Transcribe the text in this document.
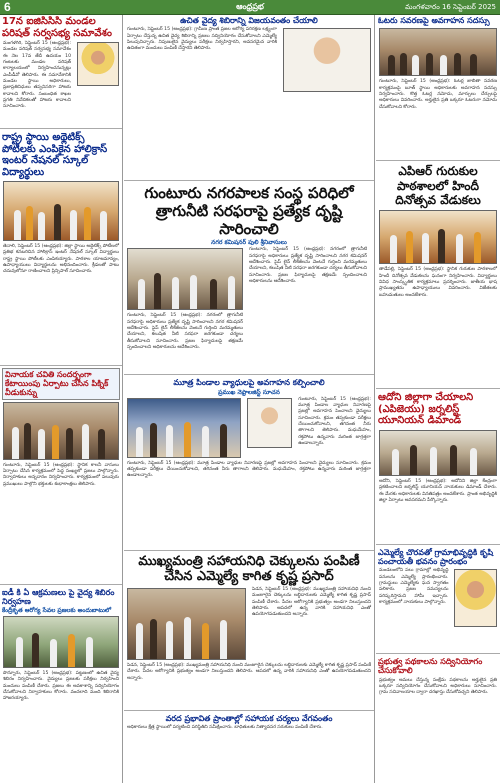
6	ఆంధ్రప్రభ	మంగళవారం 16 సెప్టెంబర్ 2025
17న ఐజిసిసిసి మండల పరిషత్ సర్వసభ్య సమావేశం
మంగళగిరి, సెప్టెంబర్ 15 (ఆంధ్రప్రభ): మండల పరిషత్ సర్వసభ్య సమావేశం ఈ నెల 17వ తేదీ ఉదయం 10 గంటలకు మండల పరిషత్ కార్యాలయంలో నిర్వహించనున్నట్లు ఎంపీడీవో తెలిపారు. ఈ సమావేశానికి మండల స్థాయి అధికారులు, ప్రజాప్రతినిధులు తప్పనిసరిగా హాజరు కావాలని కోరారు. సంబంధిత శాఖల ప్రగతి నివేదికలతో హాజరు కావాలని సూచించారు.
రాష్ట్ర స్థాయి అథ్లెటిక్స్ పోటీలకు ఎంపికైన హాలిక్రాస్ ఇంటర్ నేషనల్ స్కూల్ విద్యార్థులు
తెనాలి, సెప్టెంబర్ 15 (ఆంధ్రప్రభ): జిల్లా స్థాయి అథ్లెటిక్స్ పోటీలలో ప్రతిభ కనబరిచిన హాలిక్రాస్ ఇంటర్ నేషనల్ స్కూల్ విద్యార్థులు రాష్ట్ర స్థాయి పోటీలకు ఎంపికయ్యారు. పాఠశాల యాజమాన్యం, ఉపాధ్యాయులు విద్యార్థులను అభినందించారు. క్రీడలతో పాటు చదువులోనూ రాణించాలని ప్రిన్సిపాల్ సూచించారు.
వినాయక చవితి సందర్భంగా కేటాయింపు ఏర్పాటు చేసిన పిక్నిక్ వీడుకున్ను
గుంటూరు, సెప్టెంబర్ 15 (ఆంధ్రప్రభ): స్థానిక కాలనీ వాసులు ఏర్పాటు చేసిన కార్యక్రమంలో పెద్ద సంఖ్యలో ప్రజలు పాల్గొన్నారు. నిర్వాహకులు అన్నదానం నిర్వహించారు. కార్యక్రమంలో పలువురు ప్రముఖులు పాల్గొని భక్తులకు శుభాకాంక్షలు తెలిపారు.
ఐడీ కి ఏ ఆక్రమణలు పై వైద్య శిబిరం నిర్వహణ
కేంద్రీకృత ఆరోగ్య సేవల ప్రజలకు అందుబాటులో
పొన్నూరు, సెప్టెంబర్ 15 (ఆంధ్రప్రభ): పట్టణంలో ఉచిత వైద్య శిబిరం నిర్వహించారు. వైద్యులు ప్రజలకు పరీక్షలు నిర్వహించి మందులు పంపిణీ చేశారు. ప్రజలు ఈ అవకాశాన్ని సద్వినియోగం చేసుకోవాలని నిర్వాహకులు కోరారు. వందలాది మంది శిబిరానికి హాజరయ్యారు.
ఉచిత వైద్య శిబిరాన్ని విజయవంతం చేయాలి
గుంటూరు, సెప్టెంబర్ 15 (ఆంధ్రప్రభ): గ్రామీణ ప్రాంత ప్రజల ఆరోగ్య పరిరక్షణ లక్ష్యంగా ఏర్పాటు చేస్తున్న ఉచిత వైద్య శిబిరాన్ని ప్రజలు సద్వినియోగం చేసుకోవాలని ఎమ్మెల్యే పిలుపునిచ్చారు. నిపుణులైన వైద్యులు పరీక్షలు నిర్వహిస్తారని, అవసరమైన వారికి ఉచితంగా మందులు పంపిణీ చేస్తారని తెలిపారు.
గుంటూరు నగరపాలక సంస్థ పరిధిలో త్రాగునీటి సరఫరాపై ప్రత్యేక దృష్టి సారించాలి
నగర కమిషనర్ పులి శ్రీనివాసులు
గుంటూరు, సెప్టెంబర్ 15 (ఆంధ్రప్రభ): నగరంలో త్రాగునీటి సరఫరాపై అధికారులు ప్రత్యేక దృష్టి సారించాలని నగర కమిషనర్ ఆదేశించారు. పైప్ లైన్ లీకేజీలను వెంటనే గుర్తించి మరమ్మతులు చేయాలని, కలుషిత నీటి సరఫరా జరగకుండా చర్యలు తీసుకోవాలని సూచించారు. ప్రజల ఫిర్యాదులపై తక్షణమే స్పందించాలని అధికారులను ఆదేశించారు.
గుంటూరు, సెప్టెంబర్ 15 (ఆంధ్రప్రభ): నగరంలో త్రాగునీటి సరఫరాపై అధికారులు ప్రత్యేక దృష్టి సారించాలని నగర కమిషనర్ ఆదేశించారు. పైప్ లైన్ లీకేజీలను వెంటనే గుర్తించి మరమ్మతులు చేయాలని, కలుషిత నీటి సరఫరా జరగకుండా చర్యలు తీసుకోవాలని సూచించారు. ప్రజల ఫిర్యాదులపై తక్షణమే స్పందించాలని అధికారులను ఆదేశించారు.
మూత్ర పిండాల వ్యాధులపై అవగాహన కల్పించాలి
ప్రముఖ నెఫ్రాలజిస్ట్ సూచన
గుంటూరు, సెప్టెంబర్ 15 (ఆంధ్రప్రభ): మూత్ర పిండాల వ్యాధుల నివారణపై ప్రజల్లో అవగాహన పెంచాలని వైద్యులు సూచించారు. క్రమం తప్పకుండా పరీక్షలు చేయించుకోవాలని, తగినంత నీరు తాగాలని తెలిపారు. మధుమేహం, రక్తపోటు ఉన్నవారు మరింత జాగ్రత్తగా ఉండాలన్నారు.
గుంటూరు, సెప్టెంబర్ 15 (ఆంధ్రప్రభ): మూత్ర పిండాల వ్యాధుల నివారణపై ప్రజల్లో అవగాహన పెంచాలని వైద్యులు సూచించారు. క్రమం తప్పకుండా పరీక్షలు చేయించుకోవాలని, తగినంత నీరు తాగాలని తెలిపారు. మధుమేహం, రక్తపోటు ఉన్నవారు మరింత జాగ్రత్తగా ఉండాలన్నారు.
ముఖ్యమంత్రి సహాయనిధి చెక్కులను పంపిణీ చేసిన ఎమ్మెల్యే కాగిత కృష్ణ ప్రసాద్
పెడన, సెప్టెంబర్ 15 (ఆంధ్రప్రభ): ముఖ్యమంత్రి సహాయనిధి నుంచి మంజూరైన చెక్కులను లబ్ధిదారులకు ఎమ్మెల్యే కాగిత కృష్ణ ప్రసాద్ పంపిణీ చేశారు. పేదల ఆరోగ్యానికి ప్రభుత్వం అండగా నిలుస్తుందని తెలిపారు. ఆపదలో ఉన్న వారికి సహాయనిధి ఎంతో ఉపయోగపడుతుందని అన్నారు.
పెడన, సెప్టెంబర్ 15 (ఆంధ్రప్రభ): ముఖ్యమంత్రి సహాయనిధి నుంచి మంజూరైన చెక్కులను లబ్ధిదారులకు ఎమ్మెల్యే కాగిత కృష్ణ ప్రసాద్ పంపిణీ చేశారు. పేదల ఆరోగ్యానికి ప్రభుత్వం అండగా నిలుస్తుందని తెలిపారు. ఆపదలో ఉన్న వారికి సహాయనిధి ఎంతో ఉపయోగపడుతుందని అన్నారు.
వరద ప్రభావిత ప్రాంతాల్లో సహాయక చర్యలు వేగవంతం
అధికారులు క్షేత్ర స్థాయిలో పర్యటించి పరిస్థితిని సమీక్షించారు. బాధితులకు నిత్యావసర సరుకులు పంపిణీ చేశారు.
ఓటరు సవరణపై అవగాహన సదస్సు
గుంటూరు, సెప్టెంబర్ 15 (ఆంధ్రప్రభ): ఓటర్ల జాబితా సవరణ కార్యక్రమంపై బూత్ స్థాయి అధికారులకు అవగాహన సదస్సు నిర్వహించారు. కొత్త ఓటర్ల నమోదు, మార్పులు చేర్పులపై అధికారులు వివరించారు. అర్హులైన ప్రతి ఒక్కరూ ఓటరుగా నమోదు చేసుకోవాలని కోరారు.
ఎపిఆర్ గురుకుల పాఠశాలలో హిందీ దినోత్సవ వేడుకలు
తాడేపల్లి, సెప్టెంబర్ 15 (ఆంధ్రప్రభ): స్థానిక గురుకుల పాఠశాలలో హిందీ దినోత్సవ వేడుకలను ఘనంగా నిర్వహించారు. విద్యార్థులు వివిధ సాంస్కృతిక కార్యక్రమాలు ప్రదర్శించారు. జాతీయ భాష ప్రాముఖ్యతను ఉపాధ్యాయులు వివరించారు. విజేతలకు బహుమతులు అందజేశారు.
ఆదోని జిల్లాగా చేయాలని (ఎపిజెయు) జర్నలిస్ట్ యూనియన్ డిమాండ్
ఆదోని, సెప్టెంబర్ 15 (ఆంధ్రప్రభ): ఆదోనిని జిల్లా కేంద్రంగా ప్రకటించాలని జర్నలిస్ట్ యూనియన్ నాయకులు డిమాండ్ చేశారు. ఈ మేరకు అధికారులకు వినతిపత్రం అందజేశారు. ప్రాంత అభివృద్ధికి జిల్లా ఏర్పాటు అవసరమని పేర్కొన్నారు.
ఎమ్మెల్యే చొరవతో గ్రామాభివృద్ధికి కృషి పంచాయతీ భవనం ప్రారంభం
మండలంలోని పలు గ్రామాల్లో అభివృద్ధి పనులను ఎమ్మెల్యే ప్రారంభించారు. గ్రామస్థులు ఎమ్మెల్యేకు ఘన స్వాగతం పలికారు. ప్రజల సమస్యలను పరిష్కరిస్తామని హామీ ఇచ్చారు. కార్యక్రమంలో నాయకులు పాల్గొన్నారు.
ప్రభుత్వ పథకాలను సద్వినియోగం చేసుకోవాలి
ప్రభుత్వం అమలు చేస్తున్న సంక్షేమ పథకాలను అర్హులైన ప్రతి ఒక్కరూ సద్వినియోగం చేసుకోవాలని అధికారులు సూచించారు. గ్రామ సచివాలయాల ద్వారా దరఖాస్తు చేసుకోవచ్చని తెలిపారు.
